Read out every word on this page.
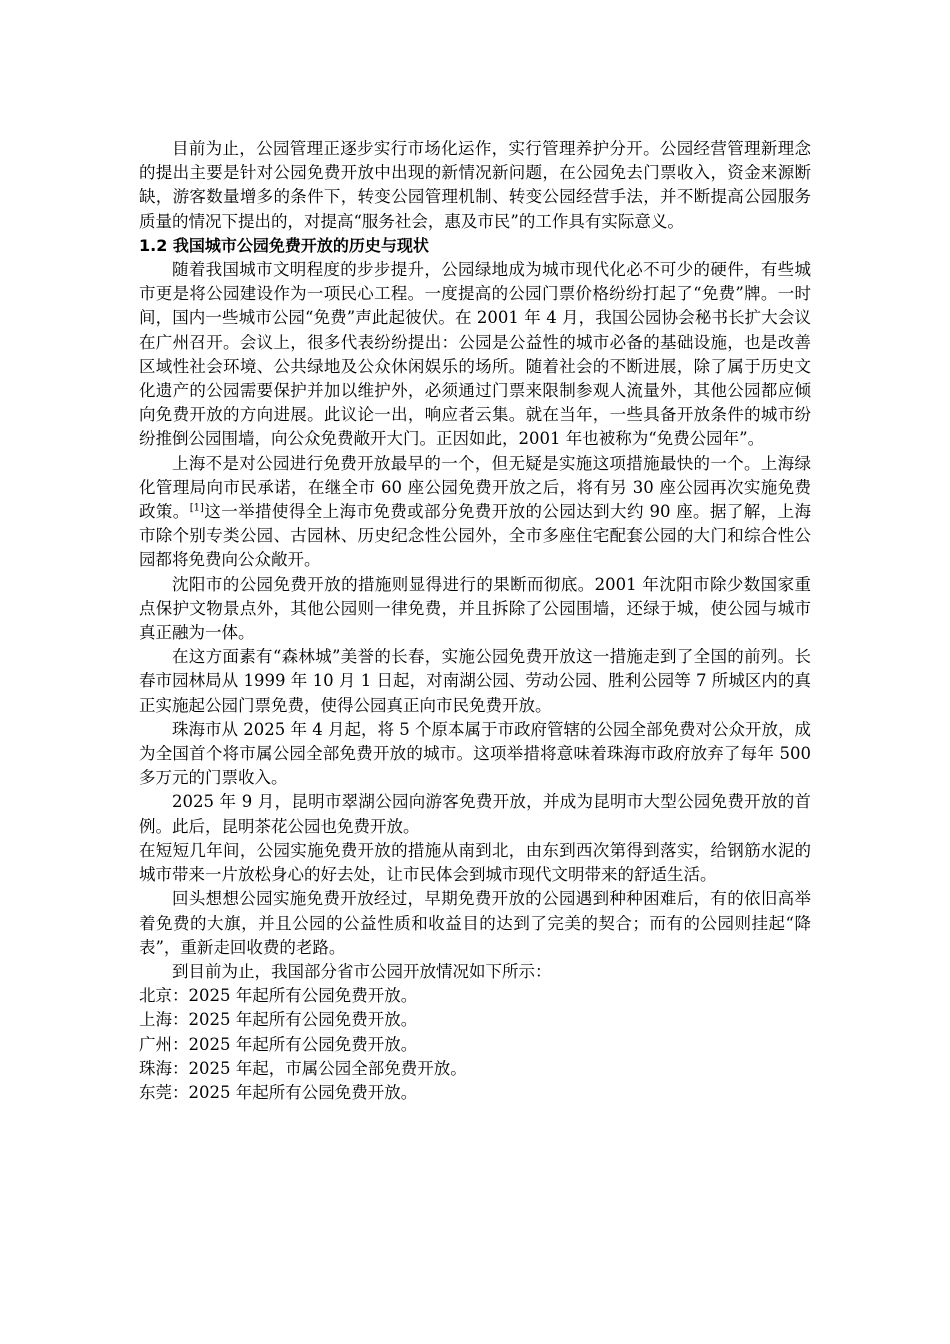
目前为止，公园管理正逐步实行市场化运作，实行管理养护分开。公园经营管理新理念的提出主要是针对公园免费开放中出现的新情况新问题，在公园免去门票收入，资金来源断缺，游客数量增多的条件下，转变公园管理机制、转变公园经营手法，并不断提高公园服务质量的情况下提出的，对提高“服务社会，惠及市民”的工作具有实际意义。

1.2 我国城市公园免费开放的历史与现状

随着我国城市文明程度的步步提升，公园绿地成为城市现代化必不可少的硬件，有些城市更是将公园建设作为一项民心工程。一度提高的公园门票价格纷纷打起了“免费”牌。一时间，国内一些城市公园“免费”声此起彼伏。在 2001 年 4 月，我国公园协会秘书长扩大会议在广州召开。会议上，很多代表纷纷提出：公园是公益性的城市必备的基础设施，也是改善区域性社会环境、公共绿地及公众休闲娱乐的场所。随着社会的不断进展，除了属于历史文化遗产的公园需要保护并加以维护外，必须通过门票来限制参观人流量外，其他公园都应倾向免费开放的方向进展。此议论一出，响应者云集。就在当年，一些具备开放条件的城市纷纷推倒公园围墙，向公众免费敞开大门。正因如此，2001 年也被称为“免费公园年”。

上海不是对公园进行免费开放最早的一个，但无疑是实施这项措施最快的一个。上海绿化管理局向市民承诺，在继全市 60 座公园免费开放之后，将有另 30 座公园再次实施免费政策。[1]这一举措使得全上海市免费或部分免费开放的公园达到大约 90 座。据了解，上海市除个别专类公园、古园林、历史纪念性公园外，全市多座住宅配套公园的大门和综合性公园都将免费向公众敞开。

沈阳市的公园免费开放的措施则显得进行的果断而彻底。2001 年沈阳市除少数国家重点保护文物景点外，其他公园则一律免费，并且拆除了公园围墙，还绿于城，使公园与城市真正融为一体。

在这方面素有“森林城”美誉的长春，实施公园免费开放这一措施走到了全国的前列。长春市园林局从 1999 年 10 月 1 日起，对南湖公园、劳动公园、胜利公园等 7 所城区内的真正实施起公园门票免费，使得公园真正向市民免费开放。

珠海市从 2025 年 4 月起，将 5 个原本属于市政府管辖的公园全部免费对公众开放，成为全国首个将市属公园全部免费开放的城市。这项举措将意味着珠海市政府放弃了每年 500 多万元的门票收入。

2025 年 9 月，昆明市翠湖公园向游客免费开放，并成为昆明市大型公园免费开放的首例。此后，昆明茶花公园也免费开放。

在短短几年间，公园实施免费开放的措施从南到北，由东到西次第得到落实，给钢筋水泥的城市带来一片放松身心的好去处，让市民体会到城市现代文明带来的舒适生活。

回头想想公园实施免费开放经过，早期免费开放的公园遇到种种困难后，有的依旧高举着免费的大旗，并且公园的公益性质和收益目的达到了完美的契合；而有的公园则挂起“降表”，重新走回收费的老路。

到目前为止，我国部分省市公园开放情况如下所示：

北京：2025 年起所有公园免费开放。

上海：2025 年起所有公园免费开放。

广州：2025 年起所有公园免费开放。

珠海：2025 年起，市属公园全部免费开放。

东莞：2025 年起所有公园免费开放。
